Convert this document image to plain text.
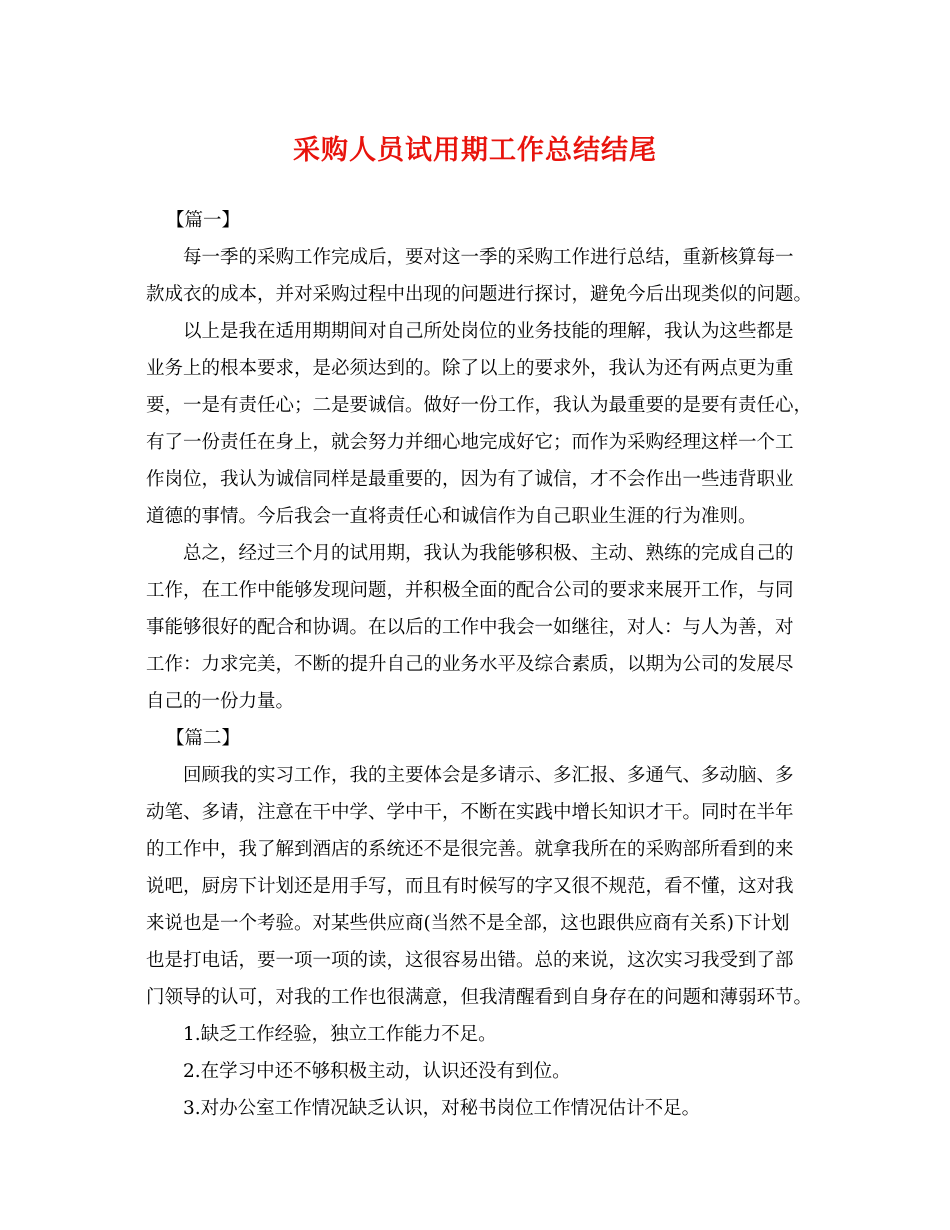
采购人员试用期工作总结结尾
【篇一】
每一季的采购工作完成后，要对这一季的采购工作进行总结，重新核算每一
款成衣的成本，并对采购过程中出现的问题进行探讨，避免今后出现类似的问题。
以上是我在适用期期间对自己所处岗位的业务技能的理解，我认为这些都是
业务上的根本要求，是必须达到的。除了以上的要求外，我认为还有两点更为重
要，一是有责任心；二是要诚信。做好一份工作，我认为最重要的是要有责任心，
有了一份责任在身上，就会努力并细心地完成好它；而作为采购经理这样一个工
作岗位，我认为诚信同样是最重要的，因为有了诚信，才不会作出一些违背职业
道德的事情。今后我会一直将责任心和诚信作为自己职业生涯的行为准则。
总之，经过三个月的试用期，我认为我能够积极、主动、熟练的完成自己的
工作，在工作中能够发现问题，并积极全面的配合公司的要求来展开工作，与同
事能够很好的配合和协调。在以后的工作中我会一如继往，对人：与人为善，对
工作：力求完美，不断的提升自己的业务水平及综合素质，以期为公司的发展尽
自己的一份力量。
【篇二】
回顾我的实习工作，我的主要体会是多请示、多汇报、多通气、多动脑、多
动笔、多请，注意在干中学、学中干，不断在实践中增长知识才干。同时在半年
的工作中，我了解到酒店的系统还不是很完善。就拿我所在的采购部所看到的来
说吧，厨房下计划还是用手写，而且有时候写的字又很不规范，看不懂，这对我
来说也是一个考验。对某些供应商(当然不是全部，这也跟供应商有关系)下计划
也是打电话，要一项一项的读，这很容易出错。总的来说，这次实习我受到了部
门领导的认可，对我的工作也很满意，但我清醒看到自身存在的问题和薄弱环节。
1.缺乏工作经验，独立工作能力不足。
2.在学习中还不够积极主动，认识还没有到位。
3.对办公室工作情况缺乏认识，对秘书岗位工作情况估计不足。
